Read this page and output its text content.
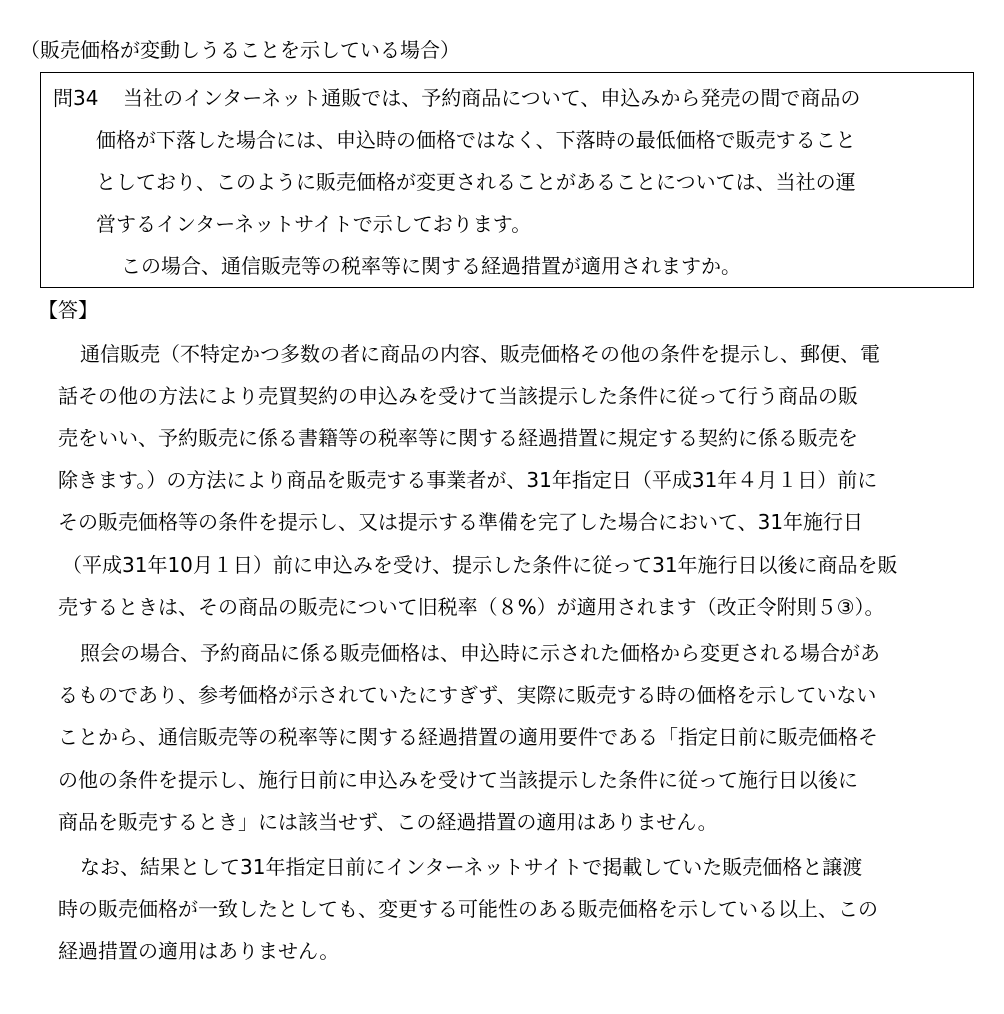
（販売価格が変動しうることを示している場合）
問34 当社のインターネット通販では、予約商品について、申込みから発売の間で商品の
価格が下落した場合には、申込時の価格ではなく、下落時の最低価格で販売すること
としており、このように販売価格が変更されることがあることについては、当社の運
営するインターネットサイトで示しております。
この場合、通信販売等の税率等に関する経過措置が適用されますか。
【答】
通信販売（不特定かつ多数の者に商品の内容、販売価格その他の条件を提示し、郵便、電
話その他の方法により売買契約の申込みを受けて当該提示した条件に従って行う商品の販
売をいい、予約販売に係る書籍等の税率等に関する経過措置に規定する契約に係る販売を
除きます。）の方法により商品を販売する事業者が、31年指定日（平成31年４月１日）前に
その販売価格等の条件を提示し、又は提示する準備を完了した場合において、31年施行日
（平成31年10月１日）前に申込みを受け、提示した条件に従って31年施行日以後に商品を販
売するときは、その商品の販売について旧税率（８%）が適用されます（改正令附則５③）。
照会の場合、予約商品に係る販売価格は、申込時に示された価格から変更される場合があ
るものであり、参考価格が示されていたにすぎず、実際に販売する時の価格を示していない
ことから、通信販売等の税率等に関する経過措置の適用要件である「指定日前に販売価格そ
の他の条件を提示し、施行日前に申込みを受けて当該提示した条件に従って施行日以後に
商品を販売するとき」には該当せず、この経過措置の適用はありません。
なお、結果として31年指定日前にインターネットサイトで掲載していた販売価格と譲渡
時の販売価格が一致したとしても、変更する可能性のある販売価格を示している以上、この
経過措置の適用はありません。
